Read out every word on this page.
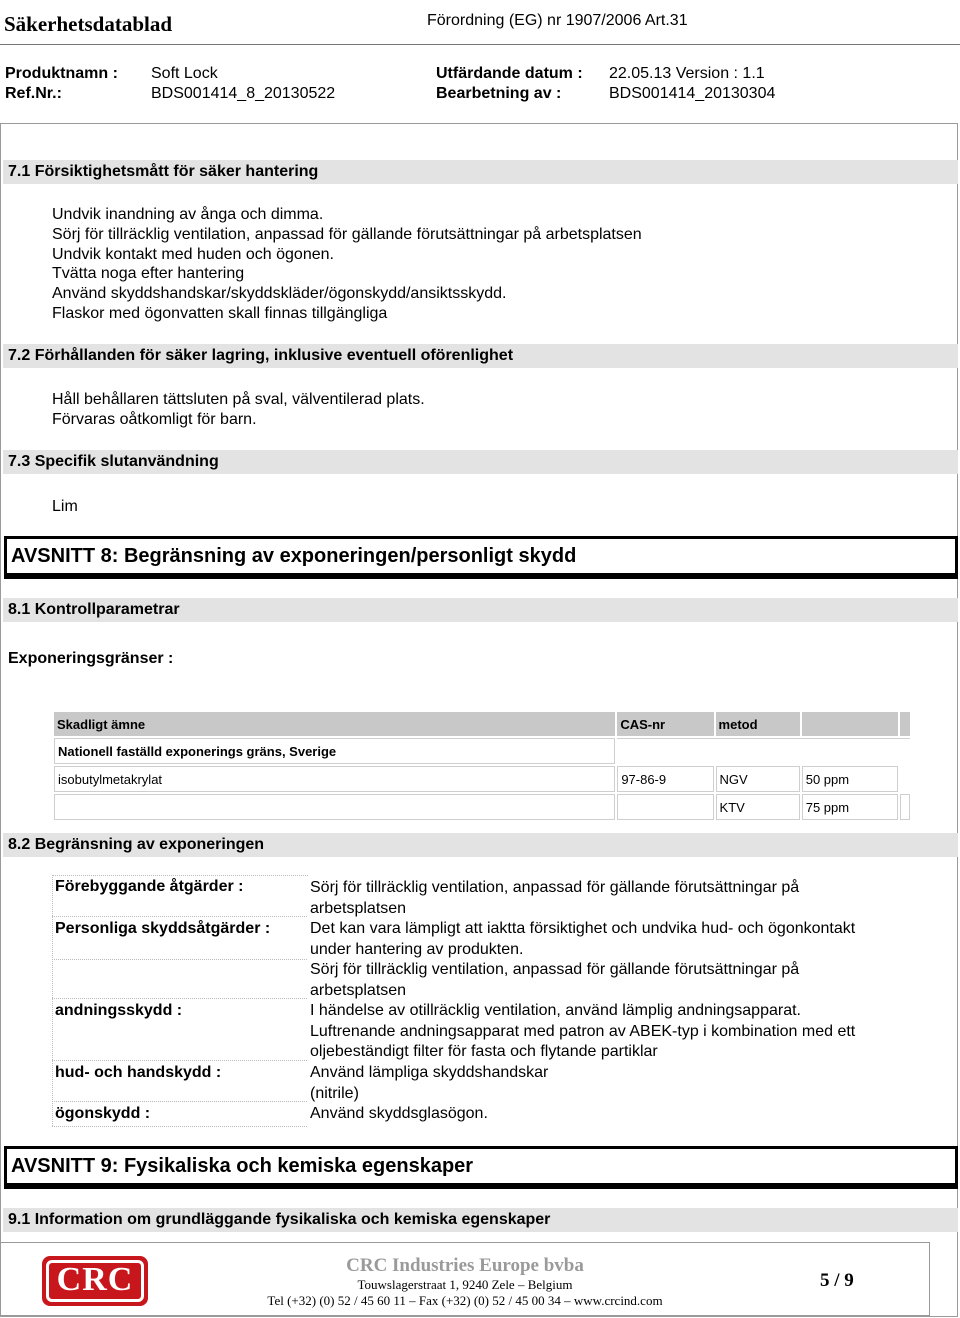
Säkerhetsdatablad	Förordning (EG) nr 1907/2006 Art.31
Produktnamn : Soft Lock	Utfärdande datum : 22.05.13 Version : 1.1
Ref.Nr.:	BDS001414_8_20130522	Bearbetning av :	BDS001414_20130304
7.1 Försiktighetsmått för säker hantering
Undvik inandning av ånga och dimma.
Sörj för tillräcklig ventilation, anpassad för gällande förutsättningar på arbetsplatsen
Undvik kontakt med huden och ögonen.
Tvätta noga efter hantering
Använd skyddshandskar/skyddskläder/ögonskydd/ansiktsskydd.
Flaskor med ögonvatten skall finnas tillgängliga
7.2 Förhållanden för säker lagring, inklusive eventuell oförenlighet
Håll behållaren tättsluten på sval, välventilerad plats.
Förvaras oåtkomligt för barn.
7.3 Specifik slutanvändning
Lim
AVSNITT 8: Begränsning av exponeringen/personligt skydd
8.1 Kontrollparametrar
Exponeringsgränser :
Skadligt ämne	CAS-nr	metod		
Nationell faställd exponerings gräns, Sverige				
isobutylmetakrylat	97-86-9	NGV	50 ppm	
		KTV	75 ppm	
8.2 Begränsning av exponeringen
Förebyggande åtgärder :	Sörj för tillräcklig ventilation, anpassad för gällande förutsättningar på
arbetsplatsen
Personliga skyddsåtgärder :	Det kan vara lämpligt att iaktta försiktighet och undvika hud- och ögonkontakt
under hantering av produkten.
Sörj för tillräcklig ventilation, anpassad för gällande förutsättningar på
arbetsplatsen
andningsskydd :	I händelse av otillräcklig ventilation, använd lämplig andningsapparat.
Luftrenande andningsapparat med patron av ABEK-typ i kombination med ett
oljebeständigt filter för fasta och flytande partiklar
hud- och handskydd :	Använd lämpliga skyddshandskar
(nitrile)
ögonskydd :	Använd skyddsglasögon.
AVSNITT 9: Fysikaliska och kemiska egenskaper
9.1 Information om grundläggande fysikaliska och kemiska egenskaper
CRC	CRC Industries Europe bvba
Touwslagerstraat 1, 9240 Zele – Belgium
Tel (+32) (0) 52 / 45 60 11 – Fax (+32) (0) 52 / 45 00 34 – www.crcind.com
5 / 9
